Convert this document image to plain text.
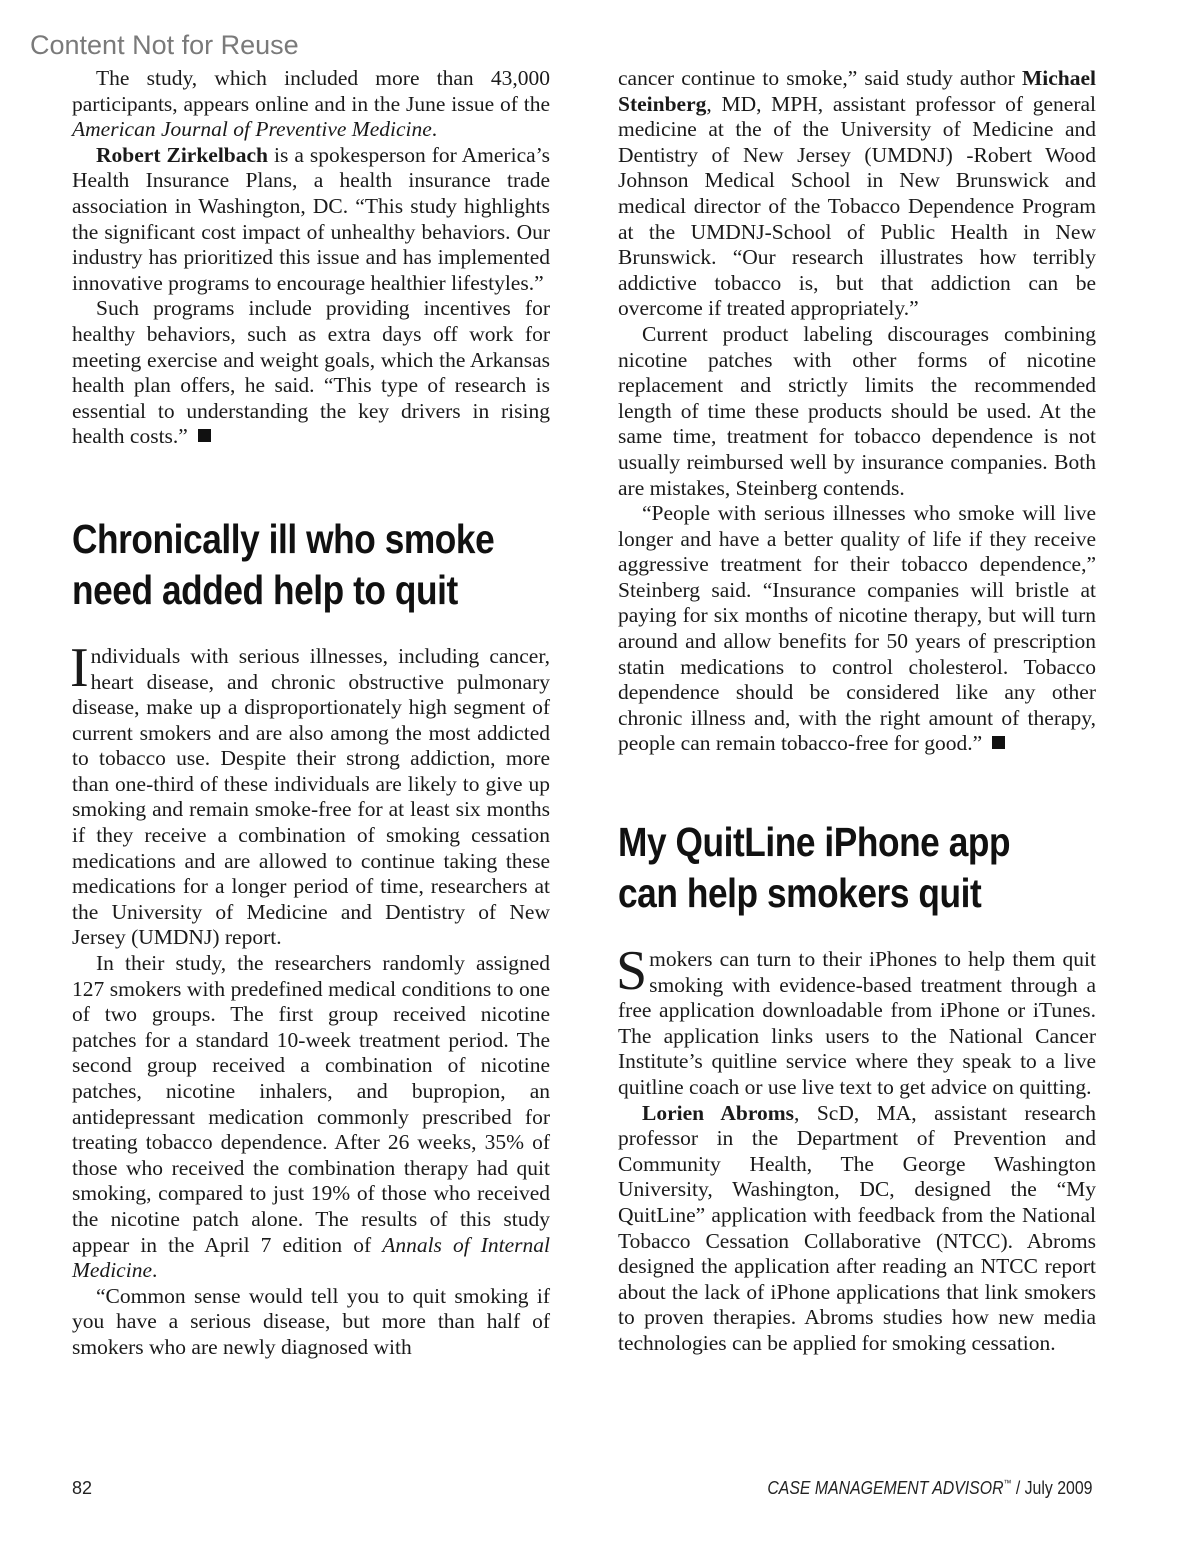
Content Not for Reuse

The study, which included more than 43,000 participants, appears online and in the June issue of the American Journal of Preventive Medicine.

Robert Zirkelbach is a spokesperson for America’s Health Insurance Plans, a health insurance trade association in Washington, DC. “This study highlights the significant cost impact of unhealthy behaviors. Our industry has prioritized this issue and has implemented innovative programs to encourage healthier lifestyles.”

Such programs include providing incentives for healthy behaviors, such as extra days off work for meeting exercise and weight goals, which the Arkansas health plan offers, he said. “This type of research is essential to understanding the key drivers in rising health costs.”

Chronically ill who smoke
need added help to quit

Individuals with serious illnesses, including cancer, heart disease, and chronic obstructive pulmonary disease, make up a disproportionately high segment of current smokers and are also among the most addicted to tobacco use. Despite their strong addiction, more than one-third of these individuals are likely to give up smoking and remain smoke-free for at least six months if they receive a combination of smoking cessation medications and are allowed to continue taking these medications for a longer period of time, researchers at the University of Medicine and Dentistry of New Jersey (UMDNJ) report.

In their study, the researchers randomly assigned 127 smokers with predefined medical conditions to one of two groups. The first group received nicotine patches for a standard 10-week treatment period. The second group received a combination of nicotine patches, nicotine inhalers, and bupropion, an antidepressant medication commonly prescribed for treating tobacco dependence. After 26 weeks, 35% of those who received the combination therapy had quit smoking, compared to just 19% of those who received the nicotine patch alone. The results of this study appear in the April 7 edition of Annals of Internal Medicine.

“Common sense would tell you to quit smoking if you have a serious disease, but more than half of smokers who are newly diagnosed with

cancer continue to smoke,” said study author Michael Steinberg, MD, MPH, assistant professor of general medicine at the of the University of Medicine and Dentistry of New Jersey (UMDNJ) -Robert Wood Johnson Medical School in New Brunswick and medical director of the Tobacco Dependence Program at the UMDNJ-School of Public Health in New Brunswick. “Our research illustrates how terribly addictive tobacco is, but that addiction can be overcome if treated appropriately.”

Current product labeling discourages combining nicotine patches with other forms of nicotine replacement and strictly limits the recommended length of time these products should be used. At the same time, treatment for tobacco dependence is not usually reimbursed well by insurance companies. Both are mistakes, Steinberg contends.

“People with serious illnesses who smoke will live longer and have a better quality of life if they receive aggressive treatment for their tobacco dependence,” Steinberg said. “Insurance companies will bristle at paying for six months of nicotine therapy, but will turn around and allow benefits for 50 years of prescription statin medications to control cholesterol. Tobacco dependence should be considered like any other chronic illness and, with the right amount of therapy, people can remain tobacco-free for good.”

My QuitLine iPhone app
can help smokers quit

Smokers can turn to their iPhones to help them quit smoking with evidence-based treatment through a free application downloadable from iPhone or iTunes. The application links users to the National Cancer Institute’s quitline service where they speak to a live quitline coach or use live text to get advice on quitting.

Lorien Abroms, ScD, MA, assistant research professor in the Department of Prevention and Community Health, The George Washington University, Washington, DC, designed the “My QuitLine” application with feedback from the National Tobacco Cessation Collaborative (NTCC). Abroms designed the application after reading an NTCC report about the lack of iPhone applications that link smokers to proven therapies. Abroms studies how new media technologies can be applied for smoking cessation.

82	CASE MANAGEMENT ADVISOR™ / July 2009
